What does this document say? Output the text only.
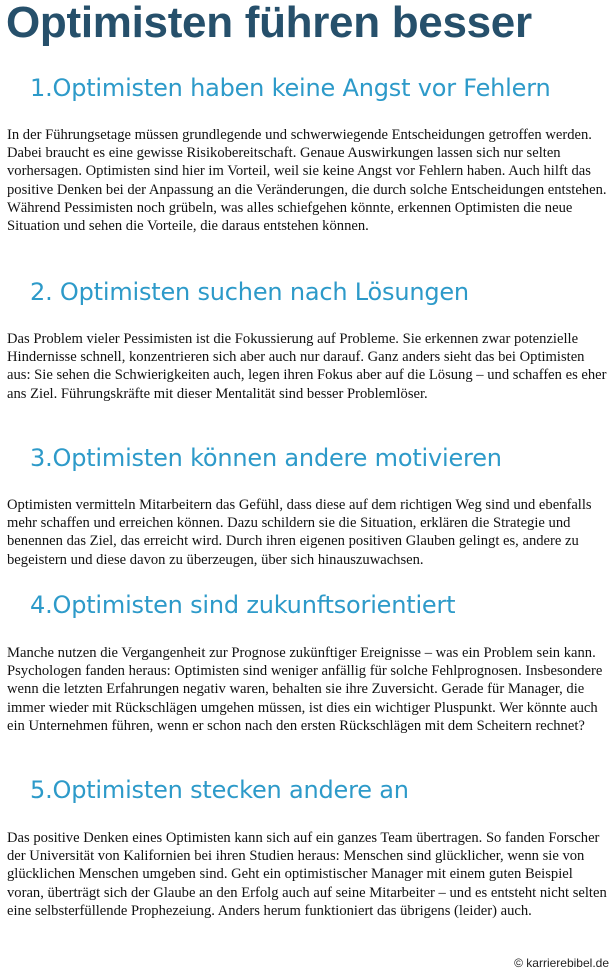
Optimisten führen besser
1.Optimisten haben keine Angst vor Fehlern

In der Führungsetage müssen grundlegende und schwerwiegende Entscheidungen getroffen werden. Dabei braucht es eine gewisse Risikobereitschaft. Genaue Auswirkungen lassen sich nur selten vorhersagen. Optimisten sind hier im Vorteil, weil sie keine Angst vor Fehlern haben. Auch hilft das positive Denken bei der Anpassung an die Veränderungen, die durch solche Entscheidungen entstehen. Während Pessimisten noch grübeln, was alles schiefgehen könnte, erkennen Optimisten die neue Situation und sehen die Vorteile, die daraus entstehen können.

2. Optimisten suchen nach Lösungen

Das Problem vieler Pessimisten ist die Fokussierung auf Probleme. Sie erkennen zwar potenzielle Hindernisse schnell, konzentrieren sich aber auch nur darauf. Ganz anders sieht das bei Optimisten aus: Sie sehen die Schwierigkeiten auch, legen ihren Fokus aber auf die Lösung – und schaffen es eher ans Ziel. Führungskräfte mit dieser Mentalität sind besser Problemlöser.

3.Optimisten können andere motivieren

Optimisten vermitteln Mitarbeitern das Gefühl, dass diese auf dem richtigen Weg sind und ebenfalls mehr schaffen und erreichen können. Dazu schildern sie die Situation, erklären die Strategie und benennen das Ziel, das erreicht wird. Durch ihren eigenen positiven Glauben gelingt es, andere zu begeistern und diese davon zu überzeugen, über sich hinauszuwachsen.

4.Optimisten sind zukunftsorientiert

Manche nutzen die Vergangenheit zur Prognose zukünftiger Ereignisse – was ein Problem sein kann. Psychologen fanden heraus: Optimisten sind weniger anfällig für solche Fehlprognosen. Insbesondere wenn die letzten Erfahrungen negativ waren, behalten sie ihre Zuversicht. Gerade für Manager, die immer wieder mit Rückschlägen umgehen müssen, ist dies ein wichtiger Pluspunkt. Wer könnte auch ein Unternehmen führen, wenn er schon nach den ersten Rückschlägen mit dem Scheitern rechnet?

5.Optimisten stecken andere an

Das positive Denken eines Optimisten kann sich auf ein ganzes Team übertragen. So fanden Forscher der Universität von Kalifornien bei ihren Studien heraus: Menschen sind glücklicher, wenn sie von glücklichen Menschen umgeben sind. Geht ein optimistischer Manager mit einem guten Beispiel voran, überträgt sich der Glaube an den Erfolg auch auf seine Mitarbeiter – und es entsteht nicht selten eine selbsterfüllende Prophezeiung. Anders herum funktioniert das übrigens (leider) auch.

© karrierebibel.de
